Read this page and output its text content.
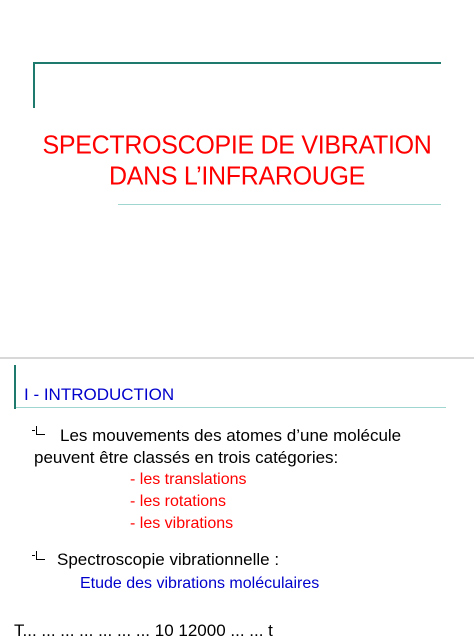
SPECTROSCOPIE DE VIBRATION
DANS L’INFRAROUGE
I - INTRODUCTION
Les mouvements des atomes d’une molécule
peuvent être classés en trois catégories:
- les translations
- les rotations
- les vibrations
Spectroscopie vibrationnelle :
Etude des vibrations moléculaires
T... ... ... ... ... ... ... 10 12000 ... ... t
